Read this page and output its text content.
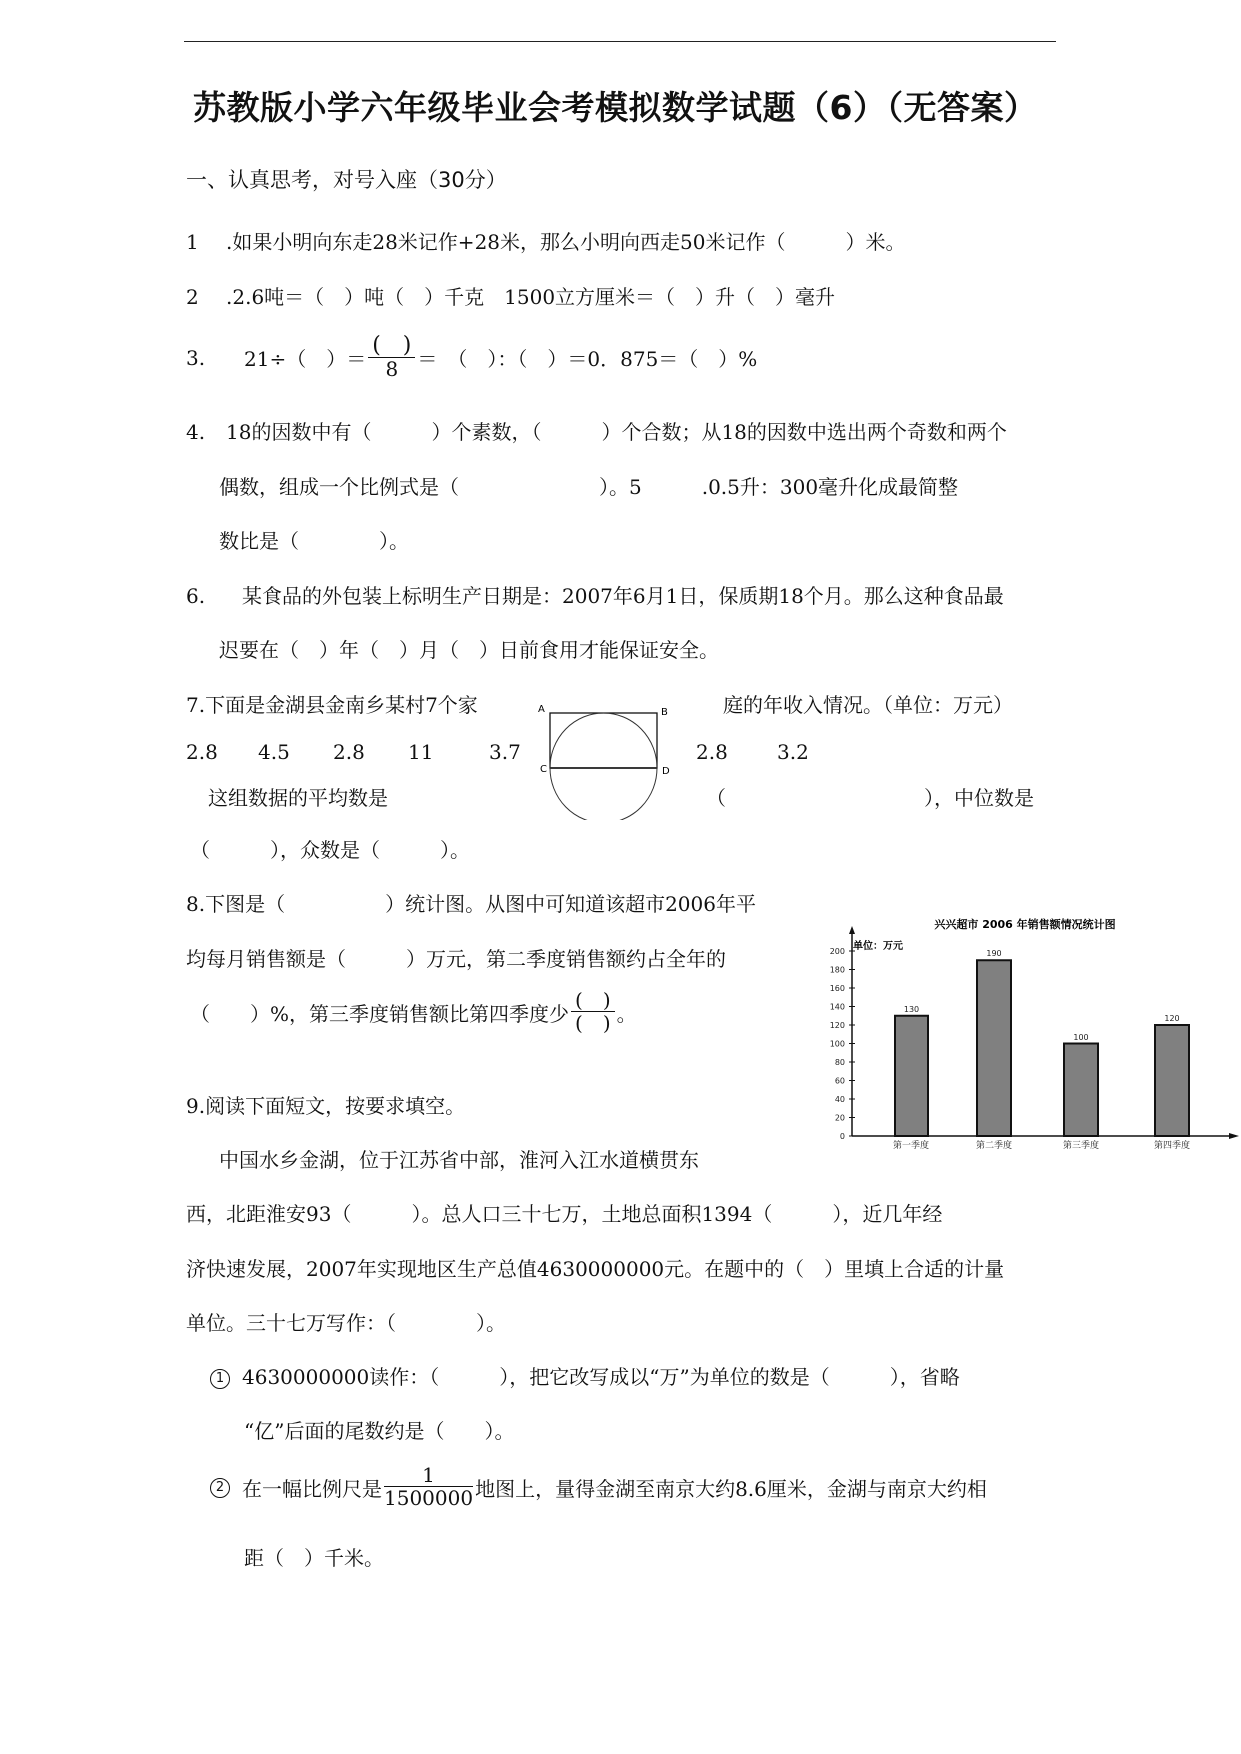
苏教版小学六年级毕业会考模拟数学试题（6）（无答案）
一、认真思考，对号入座（30分）
1 .如果小明向东走28米记作+28米，那么小明向西走50米记作（　　　）米。
2 .2.6吨＝（　）吨（　）千克　1500立方厘米＝（　）升（　）毫升
3. 21÷（　）＝ $\frac{( )}{8}$ ＝　（　）：（　）＝0．875＝（　）%
4. 18的因数中有（　　　）个素数，（　　　）个合数；从18的因数中选出两个奇数和两个
偶数，组成一个比例式是（　　　　　　　）。5　　　.0.5升：300毫升化成最简整
数比是（　　　　）。
6. 某食品的外包装上标明生产日期是：2007年6月1日，保质期18个月。那么这种食品最
迟要在（　）年（　）月（　）日前食用才能保证安全。
7.下面是金湖县金南乡某村7个家	庭的年收入情况。（单位：万元）
2.8 4.5 2.8 11	3.7	2.8 3.2
这组数据的平均数是	（	），中位数是
（　　　），众数是（　　　）。
A	B
C	D
8.下图是（　　　　　）统计图。从图中可知道该超市2006年平
均每月销售额是（　　　）万元，第二季度销售额约占全年的
（　　）%，第三季度销售额比第四季度少 $\frac{( )}{( )}$ 。
兴兴超市 2006 年销售额情况统计图
单位：万元
0
20
40
60
80
100
120
140
160
180
200
130
190
100
120
第一季度	第二季度	第三季度	第四季度
9.阅读下面短文，按要求填空。
中国水乡金湖，位于江苏省中部，淮河入江水道横贯东
西，北距淮安93（　　　）。总人口三十七万，土地总面积1394（　　　），近几年经
济快速发展，2007年实现地区生产总值4630000000元。在题中的（　）里填上合适的计量
单位。三十七万写作：（　　　　）。
1 4630000000读作：（　　　），把它改写成以“万”为单位的数是（　　　），省略
“亿”后面的尾数约是（　　）。
2 在一幅比例尺是 $\frac{1}{1500000}$ 地图上，量得金湖至南京大约8.6厘米，金湖与南京大约相
距（　）千米。
